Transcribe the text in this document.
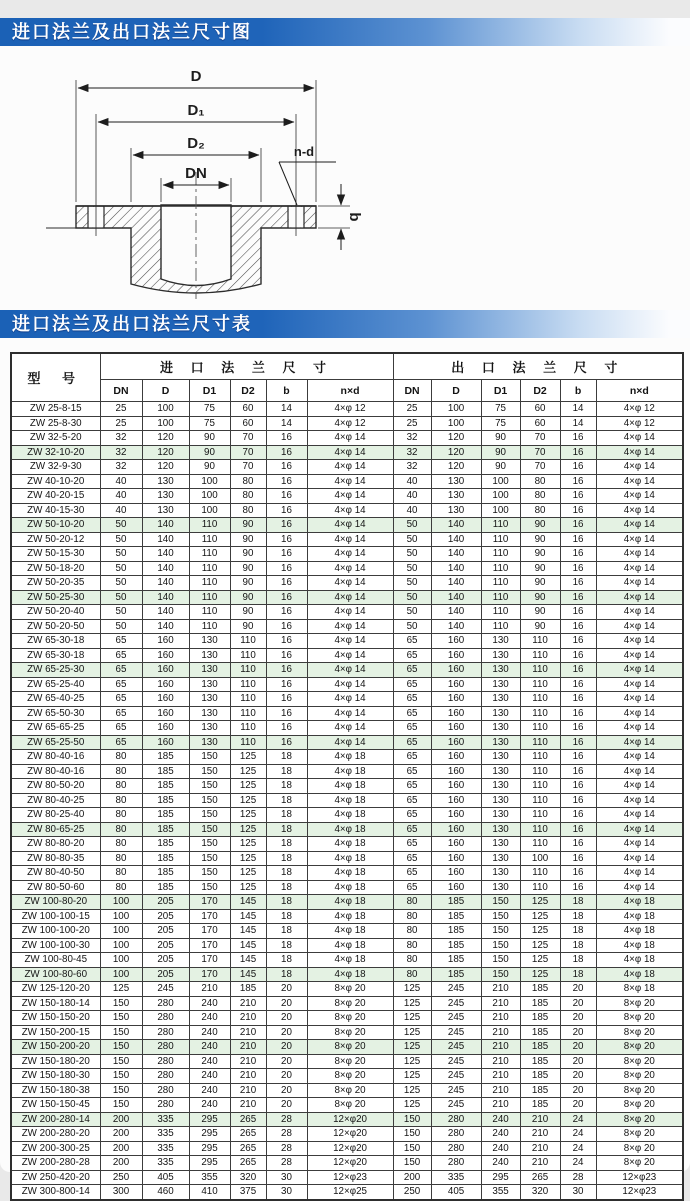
进口法兰及出口法兰尺寸图
D
D₁
D₂
DN
n-d
b
进口法兰及出口法兰尺寸表
型 号	进 口 法 兰 尺 寸						出 口 法 兰 尺 寸					
	DN	D	D1	D2	b	n×d	DN	D	D1	D2	b	n×d
ZW 25-8-15	25	100	75	60	14	4×φ 12	25	100	75	60	14	4×φ 12
ZW 25-8-30	25	100	75	60	14	4×φ 12	25	100	75	60	14	4×φ 12
ZW 32-5-20	32	120	90	70	16	4×φ 14	32	120	90	70	16	4×φ 14
ZW 32-10-20	32	120	90	70	16	4×φ 14	32	120	90	70	16	4×φ 14
ZW 32-9-30	32	120	90	70	16	4×φ 14	32	120	90	70	16	4×φ 14
ZW 40-10-20	40	130	100	80	16	4×φ 14	40	130	100	80	16	4×φ 14
ZW 40-20-15	40	130	100	80	16	4×φ 14	40	130	100	80	16	4×φ 14
ZW 40-15-30	40	130	100	80	16	4×φ 14	40	130	100	80	16	4×φ 14
ZW 50-10-20	50	140	110	90	16	4×φ 14	50	140	110	90	16	4×φ 14
ZW 50-20-12	50	140	110	90	16	4×φ 14	50	140	110	90	16	4×φ 14
ZW 50-15-30	50	140	110	90	16	4×φ 14	50	140	110	90	16	4×φ 14
ZW 50-18-20	50	140	110	90	16	4×φ 14	50	140	110	90	16	4×φ 14
ZW 50-20-35	50	140	110	90	16	4×φ 14	50	140	110	90	16	4×φ 14
ZW 50-25-30	50	140	110	90	16	4×φ 14	50	140	110	90	16	4×φ 14
ZW 50-20-40	50	140	110	90	16	4×φ 14	50	140	110	90	16	4×φ 14
ZW 50-20-50	50	140	110	90	16	4×φ 14	50	140	110	90	16	4×φ 14
ZW 65-30-18	65	160	130	110	16	4×φ 14	65	160	130	110	16	4×φ 14
ZW 65-30-18	65	160	130	110	16	4×φ 14	65	160	130	110	16	4×φ 14
ZW 65-25-30	65	160	130	110	16	4×φ 14	65	160	130	110	16	4×φ 14
ZW 65-25-40	65	160	130	110	16	4×φ 14	65	160	130	110	16	4×φ 14
ZW 65-40-25	65	160	130	110	16	4×φ 14	65	160	130	110	16	4×φ 14
ZW 65-50-30	65	160	130	110	16	4×φ 14	65	160	130	110	16	4×φ 14
ZW 65-65-25	65	160	130	110	16	4×φ 14	65	160	130	110	16	4×φ 14
ZW 65-25-50	65	160	130	110	16	4×φ 14	65	160	130	110	16	4×φ 14
ZW 80-40-16	80	185	150	125	18	4×φ 18	65	160	130	110	16	4×φ 14
ZW 80-40-16	80	185	150	125	18	4×φ 18	65	160	130	110	16	4×φ 14
ZW 80-50-20	80	185	150	125	18	4×φ 18	65	160	130	110	16	4×φ 14
ZW 80-40-25	80	185	150	125	18	4×φ 18	65	160	130	110	16	4×φ 14
ZW 80-25-40	80	185	150	125	18	4×φ 18	65	160	130	110	16	4×φ 14
ZW 80-65-25	80	185	150	125	18	4×φ 18	65	160	130	110	16	4×φ 14
ZW 80-80-20	80	185	150	125	18	4×φ 18	65	160	130	110	16	4×φ 14
ZW 80-80-35	80	185	150	125	18	4×φ 18	65	160	130	100	16	4×φ 14
ZW 80-40-50	80	185	150	125	18	4×φ 18	65	160	130	110	16	4×φ 14
ZW 80-50-60	80	185	150	125	18	4×φ 18	65	160	130	110	16	4×φ 14
ZW 100-80-20	100	205	170	145	18	4×φ 18	80	185	150	125	18	4×φ 18
ZW 100-100-15	100	205	170	145	18	4×φ 18	80	185	150	125	18	4×φ 18
ZW 100-100-20	100	205	170	145	18	4×φ 18	80	185	150	125	18	4×φ 18
ZW 100-100-30	100	205	170	145	18	4×φ 18	80	185	150	125	18	4×φ 18
ZW 100-80-45	100	205	170	145	18	4×φ 18	80	185	150	125	18	4×φ 18
ZW 100-80-60	100	205	170	145	18	4×φ 18	80	185	150	125	18	4×φ 18
ZW 125-120-20	125	245	210	185	20	8×φ 20	125	245	210	185	20	8×φ 18
ZW 150-180-14	150	280	240	210	20	8×φ 20	125	245	210	185	20	8×φ 20
ZW 150-150-20	150	280	240	210	20	8×φ 20	125	245	210	185	20	8×φ 20
ZW 150-200-15	150	280	240	210	20	8×φ 20	125	245	210	185	20	8×φ 20
ZW 150-200-20	150	280	240	210	20	8×φ 20	125	245	210	185	20	8×φ 20
ZW 150-180-20	150	280	240	210	20	8×φ 20	125	245	210	185	20	8×φ 20
ZW 150-180-30	150	280	240	210	20	8×φ 20	125	245	210	185	20	8×φ 20
ZW 150-180-38	150	280	240	210	20	8×φ 20	125	245	210	185	20	8×φ 20
ZW 150-150-45	150	280	240	210	20	8×φ 20	125	245	210	185	20	8×φ 20
ZW 200-280-14	200	335	295	265	28	12×φ20	150	280	240	210	24	8×φ 20
ZW 200-280-20	200	335	295	265	28	12×φ20	150	280	240	210	24	8×φ 20
ZW 200-300-25	200	335	295	265	28	12×φ20	150	280	240	210	24	8×φ 20
ZW 200-280-28	200	335	295	265	28	12×φ20	150	280	240	210	24	8×φ 20
ZW 250-420-20	250	405	355	320	30	12×φ23	200	335	295	265	28	12×φ23
ZW 300-800-14	300	460	410	375	30	12×φ25	250	405	355	320	30	12×φ23
